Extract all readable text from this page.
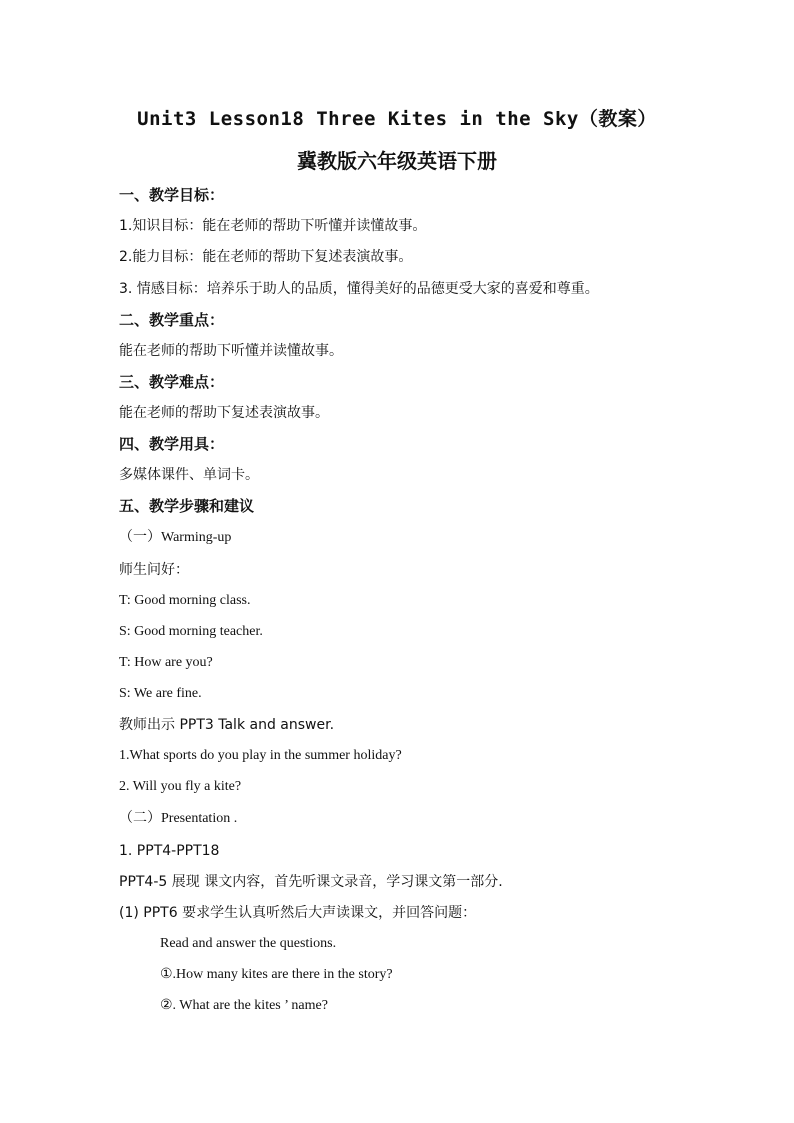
Unit3 Lesson18 Three Kites in the Sky（教案）
冀教版六年级英语下册

一、教学目标：

1.知识目标：能在老师的帮助下听懂并读懂故事。

2.能力目标：能在老师的帮助下复述表演故事。

3. 情感目标：培养乐于助人的品质，懂得美好的品德更受大家的喜爱和尊重。

二、教学重点：

能在老师的帮助下听懂并读懂故事。

三、教学难点：

能在老师的帮助下复述表演故事。

四、教学用具：

多媒体课件、单词卡。

五、教学步骤和建议

（一）Warming-up

师生问好：

T: Good morning class.

S: Good morning teacher.

T: How are you?

S: We are fine.

教师出示 PPT3 Talk and answer.

1.What sports do you play in the summer holiday?

2. Will you fly a kite?

（二）Presentation .

1. PPT4-PPT18

PPT4-5 展现 课文内容，首先听课文录音，学习课文第一部分.

(1) PPT6 要求学生认真听然后大声读课文，并回答问题：

Read and answer the questions.

①.How many kites are there in the story?

②. What are the kites ’ name?
